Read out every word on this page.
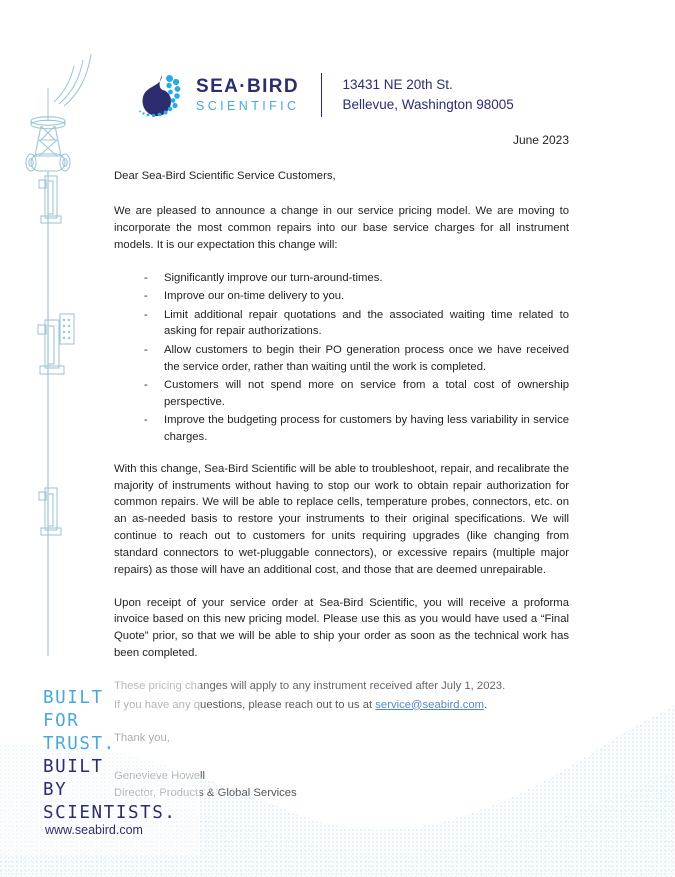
SEA·BIRD
SCIENTIFIC
13431 NE 20th St.
Bellevue, Washington 98005
June 2023
Dear Sea-Bird Scientific Service Customers,

We are pleased to announce a change in our service pricing model. We are moving to incorporate the most common repairs into our base service charges for all instrument models. It is our expectation this change will:

- Significantly improve our turn-around-times.
- Improve our on-time delivery to you.
- Limit additional repair quotations and the associated waiting time related to asking for repair authorizations.
- Allow customers to begin their PO generation process once we have received the service order, rather than waiting until the work is completed.
- Customers will not spend more on service from a total cost of ownership perspective.
- Improve the budgeting process for customers by having less variability in service charges.

With this change, Sea-Bird Scientific will be able to troubleshoot, repair, and recalibrate the majority of instruments without having to stop our work to obtain repair authorization for common repairs. We will be able to replace cells, temperature probes, connectors, etc. on an as-needed basis to restore your instruments to their original specifications. We will continue to reach out to customers for units requiring upgrades (like changing from standard connectors to wet-pluggable connectors), or excessive repairs (multiple major repairs) as those will have an additional cost, and those that are deemed unrepairable.

Upon receipt of your service order at Sea-Bird Scientific, you will receive a proforma invoice based on this new pricing model. Please use this as you would have used a “Final Quote” prior, so that we will be able to ship your order as soon as the technical work has been completed.

BUILT
FOR
TRUST.
BUILT
BY
SCIENTISTS.
www.seabird.com
